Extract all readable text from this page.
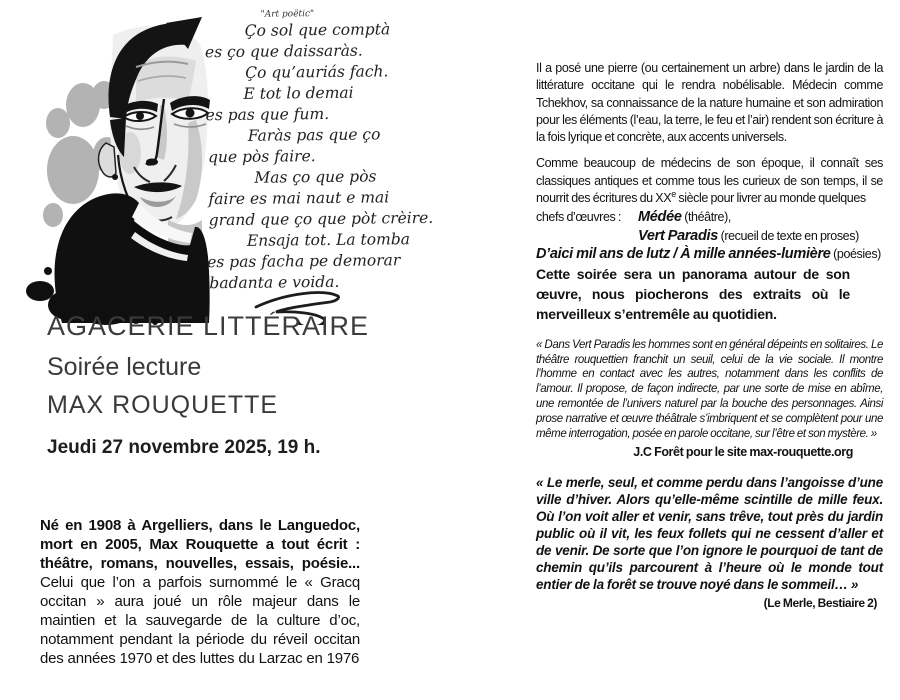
"Art poëtic"
Ço sol que comptà
es ço que daissaràs.
Ço qu’auriás fach.
E tot lo demai
es pas que fum.
Faràs pas que ço
que pòs faire.
Mas ço que pòs
faire es mai naut e mai
grand que ço que pòt crèire.
Ensaja tot. La tomba
es pas facha pe demorar
badanta e voida.
AGACERIE LITTÉRAIRE
Soirée lecture
MAX ROUQUETTE
Jeudi 27 novembre 2025, 19 h.
Né en 1908 à Argelliers, dans le Languedoc, mort en 2005, Max Rouquette a tout écrit : théâtre, romans, nouvelles, essais, poésie... Celui que l’on a parfois surnommé le « Gracq occitan » aura joué un rôle majeur dans le maintien et la sauvegarde de la culture d’oc, notamment pendant la période du réveil occitan des années 1970 et des luttes du Larzac en 1976

Il a posé une pierre (ou certainement un arbre) dans le jardin de la littérature occitane qui le rendra nobélisable. Médecin comme Tchekhov, sa connaissance de la nature humaine et son admiration pour les éléments (l’eau, la terre, le feu et l’air) rendent son écriture à la fois lyrique et concrète, aux accents universels.

Comme beaucoup de médecins de son époque, il connaît ses classiques antiques et comme tous les curieux de son temps, il se nourrit des écritures du XXe siècle pour livrer au monde quelques

chefs d’œuvres : Médée (théâtre),
Vert Paradis (recueil de texte en proses)
D’aici mil ans de lutz / À mille années-lumière (poésies)

Cette soirée sera un panorama autour de son œuvre, nous piocherons des extraits où le merveilleux s’entremêle au quotidien.

« Dans Vert Paradis les hommes sont en général dépeints en solitaires. Le théâtre rouquettien franchit un seuil, celui de la vie sociale. Il montre l’homme en contact avec les autres, notamment dans les conflits de l’amour. Il propose, de façon indirecte, par une sorte de mise en abîme, une remontée de l’univers naturel par la bouche des personnages. Ainsi prose narrative et œuvre théâtrale s’imbriquent et se complètent pour une même interrogation, posée en parole occitane, sur l’être et son mystère. »

J.C Forêt pour le site max-rouquette.org

« Le merle, seul, et comme perdu dans l’angoisse d’une ville d’hiver. Alors qu’elle-même scintille de mille feux. Où l’on voit aller et venir, sans trêve, tout près du jardin public où il vit, les feux follets qui ne cessent d’aller et de venir. De sorte que l’on ignore le pourquoi de tant de chemin qu’ils parcourent à l’heure où le monde tout entier de la forêt se trouve noyé dans le sommeil… »

(Le Merle, Bestiaire 2)
